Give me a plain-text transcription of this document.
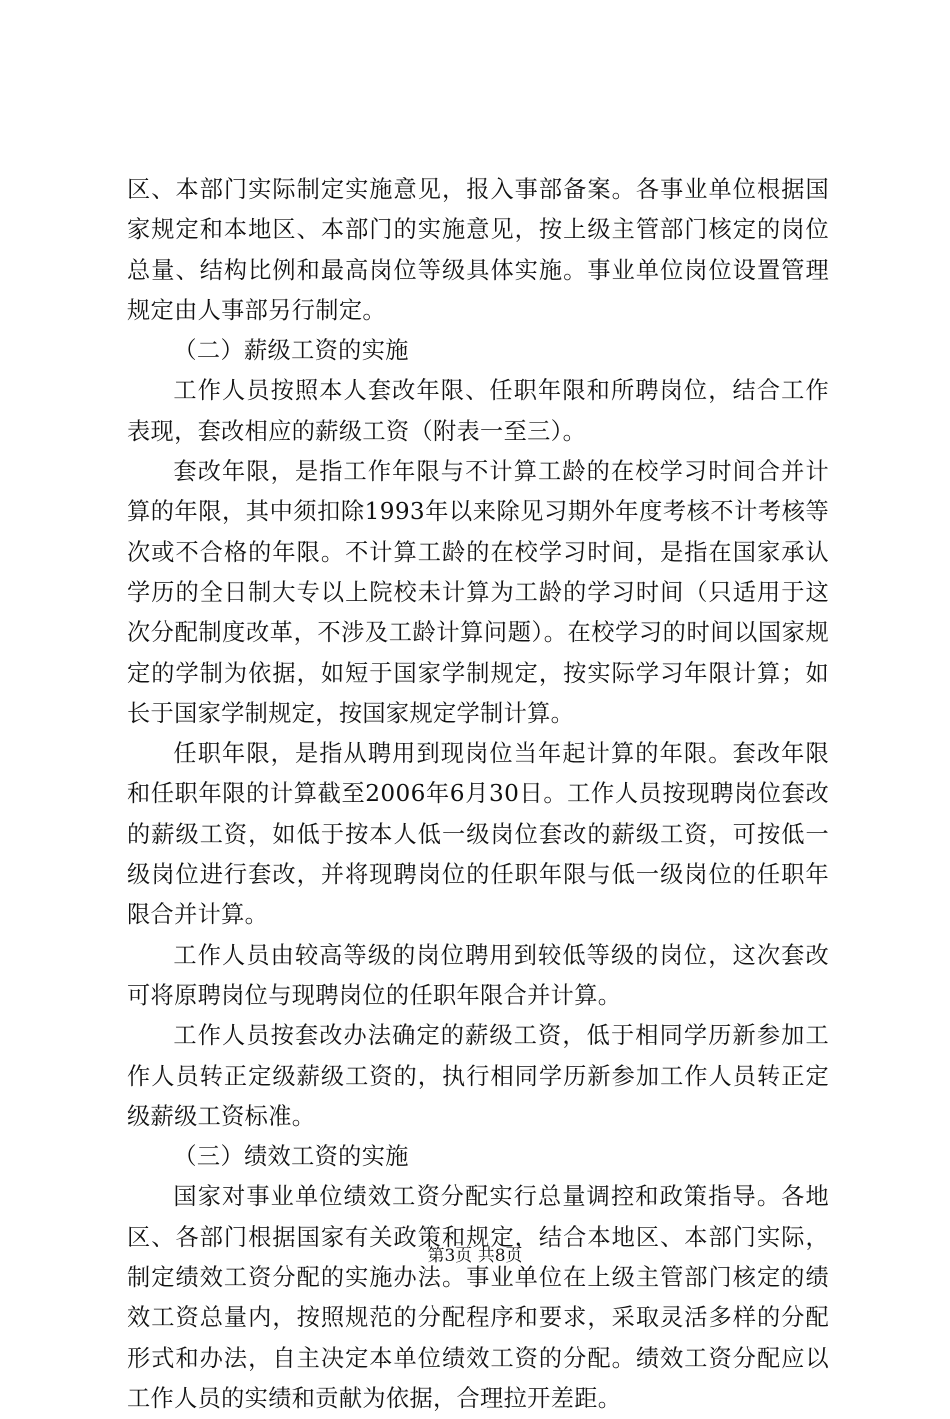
区、本部门实际制定实施意见，报入事部备案。各事业单位根据国家规定和本地区、本部门的实施意见，按上级主管部门核定的岗位总量、结构比例和最高岗位等级具体实施。事业单位岗位设置管理规定由人事部另行制定。

（二）薪级工资的实施

工作人员按照本人套改年限、任职年限和所聘岗位，结合工作表现，套改相应的薪级工资（附表一至三）。

套改年限，是指工作年限与不计算工龄的在校学习时间合并计算的年限，其中须扣除1993年以来除见习期外年度考核不计考核等次或不合格的年限。不计算工龄的在校学习时间，是指在国家承认学历的全日制大专以上院校未计算为工龄的学习时间（只适用于这次分配制度改革，不涉及工龄计算问题）。在校学习的时间以国家规定的学制为依据，如短于国家学制规定，按实际学习年限计算；如长于国家学制规定，按国家规定学制计算。

任职年限，是指从聘用到现岗位当年起计算的年限。套改年限和任职年限的计算截至2006年6月30日。工作人员按现聘岗位套改的薪级工资，如低于按本人低一级岗位套改的薪级工资，可按低一级岗位进行套改，并将现聘岗位的任职年限与低一级岗位的任职年限合并计算。

工作人员由较高等级的岗位聘用到较低等级的岗位，这次套改可将原聘岗位与现聘岗位的任职年限合并计算。

工作人员按套改办法确定的薪级工资，低于相同学历新参加工作人员转正定级薪级工资的，执行相同学历新参加工作人员转正定级薪级工资标准。

（三）绩效工资的实施

国家对事业单位绩效工资分配实行总量调控和政策指导。各地区、各部门根据国家有关政策和规定，结合本地区、本部门实际，制定绩效工资分配的实施办法。事业单位在上级主管部门核定的绩效工资总量内，按照规范的分配程序和要求，采取灵活多样的分配形式和办法，自主决定本单位绩效工资的分配。绩效工资分配应以工作人员的实绩和贡献为依据，合理拉开差距。

第3页 共8页
